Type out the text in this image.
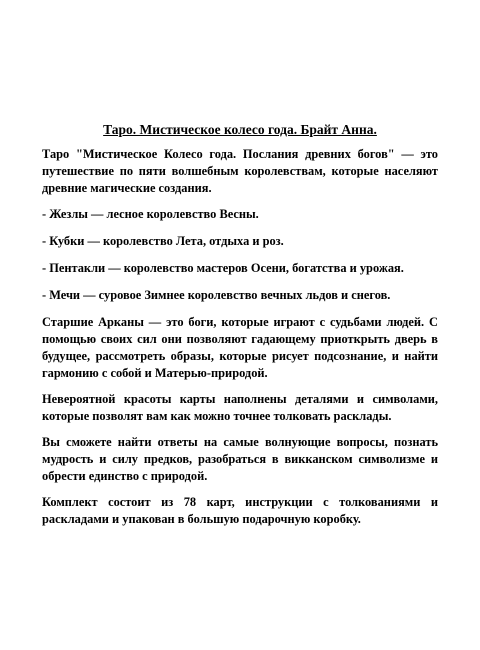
Таро. Мистическое колесо года. Брайт Анна.

Таро "Мистическое Колесо года. Послания древних богов" — это путешествие по пяти волшебным королевствам, которые населяют древние магические создания.

- Жезлы — лесное королевство Весны.

- Кубки — королевство Лета, отдыха и роз.

- Пентакли — королевство мастеров Осени, богатства и урожая.

- Мечи — суровое Зимнее королевство вечных льдов и снегов.

Старшие Арканы — это боги, которые играют с судьбами людей. С помощью своих сил они позволяют гадающему приоткрыть дверь в будущее, рассмотреть образы, которые рисует подсознание, и найти гармонию с собой и Матерью-природой.

Невероятной красоты карты наполнены деталями и символами, которые позволят вам как можно точнее толковать расклады.

Вы сможете найти ответы на самые волнующие вопросы, познать мудрость и силу предков, разобраться в викканском символизме и обрести единство с природой.

Комплект состоит из 78 карт, инструкции с толкованиями и раскладами и упакован в большую подарочную коробку.
